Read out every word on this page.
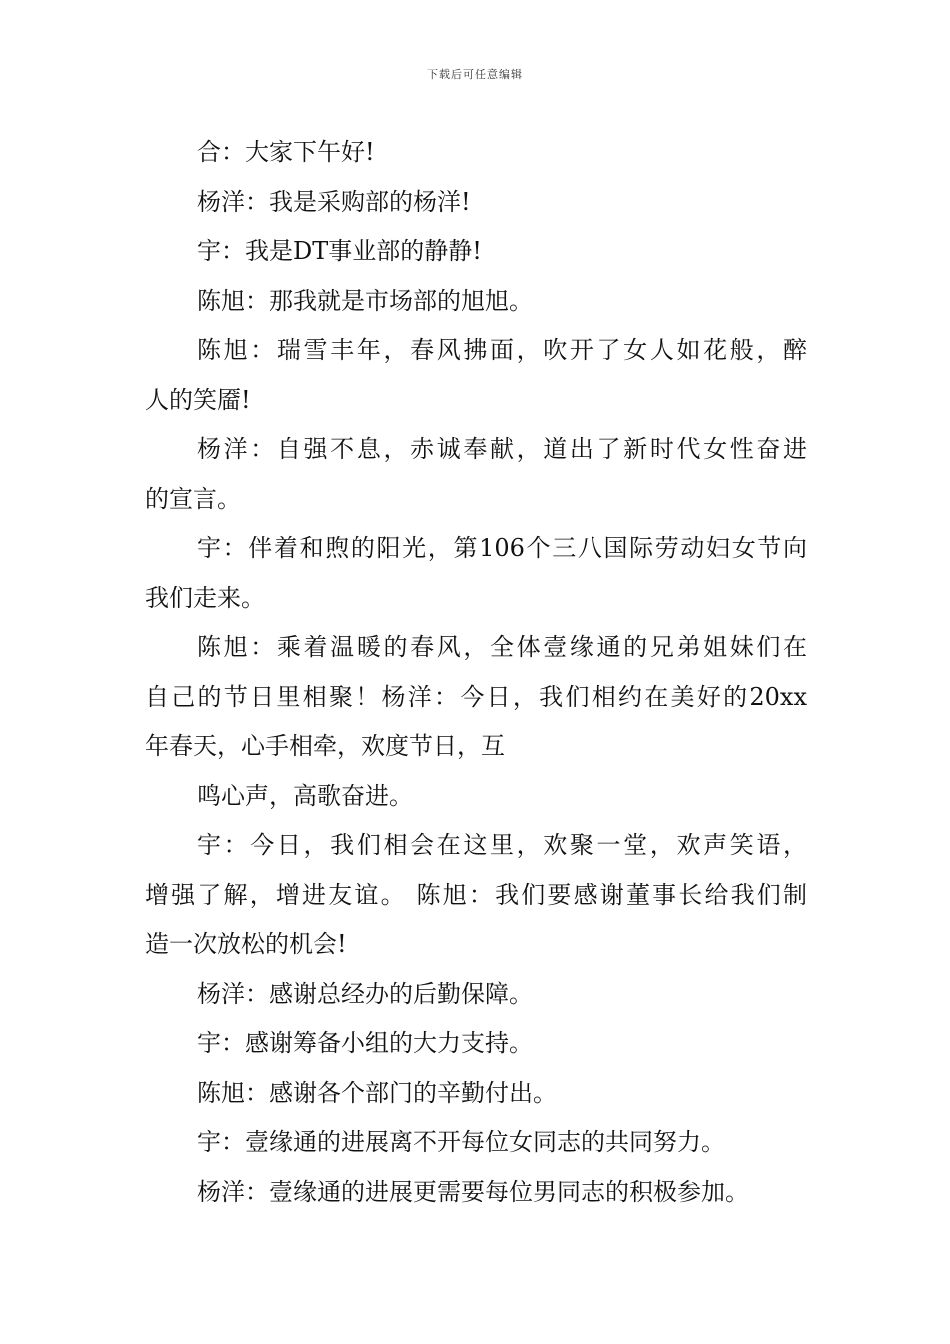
下载后可任意编辑
合：大家下午好!
杨洋：我是采购部的杨洋!
宇：我是DT事业部的静静!
陈旭：那我就是市场部的旭旭。
陈旭：瑞雪丰年，春风拂面，吹开了女人如花般，醉
人的笑靥!
杨洋：自强不息，赤诚奉献，道出了新时代女性奋进
的宣言。
宇：伴着和煦的阳光，第106个三八国际劳动妇女节向
我们走来。
陈旭：乘着温暖的春风，全体壹缘通的兄弟姐妹们在
自己的节日里相聚！杨洋：今日，我们相约在美好的20xx
年春天，心手相牵，欢度节日，互
鸣心声，高歌奋进。
宇：今日，我们相会在这里，欢聚一堂，欢声笑语，
增强了解，增进友谊。 陈旭：我们要感谢董事长给我们制
造一次放松的机会!
杨洋：感谢总经办的后勤保障。
宇：感谢筹备小组的大力支持。
陈旭：感谢各个部门的辛勤付出。
宇：壹缘通的进展离不开每位女同志的共同努力。
杨洋：壹缘通的进展更需要每位男同志的积极参加。
